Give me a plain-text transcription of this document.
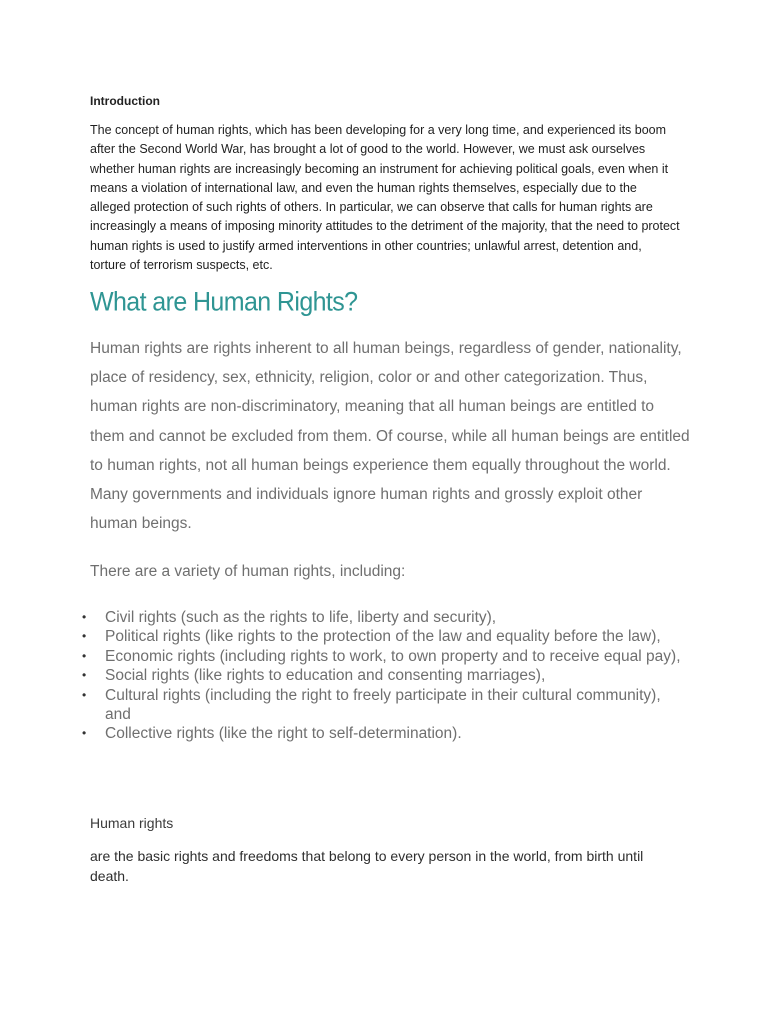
Introduction

The concept of human rights, which has been developing for a very long time, and experienced its boom after the Second World War, has brought a lot of good to the world. However, we must ask ourselves whether human rights are increasingly becoming an instrument for achieving political goals, even when it means a violation of international law, and even the human rights themselves, especially due to the alleged protection of such rights of others. In particular, we can observe that calls for human rights are increasingly a means of imposing minority attitudes to the detriment of the majority, that the need to protect human rights is used to justify armed interventions in other countries; unlawful arrest, detention and, torture of terrorism suspects, etc.

What are Human Rights?

Human rights are rights inherent to all human beings, regardless of gender, nationality, place of residency, sex, ethnicity, religion, color or and other categorization. Thus, human rights are non-discriminatory, meaning that all human beings are entitled to them and cannot be excluded from them. Of course, while all human beings are entitled to human rights, not all human beings experience them equally throughout the world. Many governments and individuals ignore human rights and grossly exploit other human beings.

There are a variety of human rights, including:

• Civil rights (such as the rights to life, liberty and security),
• Political rights (like rights to the protection of the law and equality before the law),
• Economic rights (including rights to work, to own property and to receive equal pay),
• Social rights (like rights to education and consenting marriages),
• Cultural rights (including the right to freely participate in their cultural community), and
• Collective rights (like the right to self-determination).

Human rights

are the basic rights and freedoms that belong to every person in the world, from birth until death.
